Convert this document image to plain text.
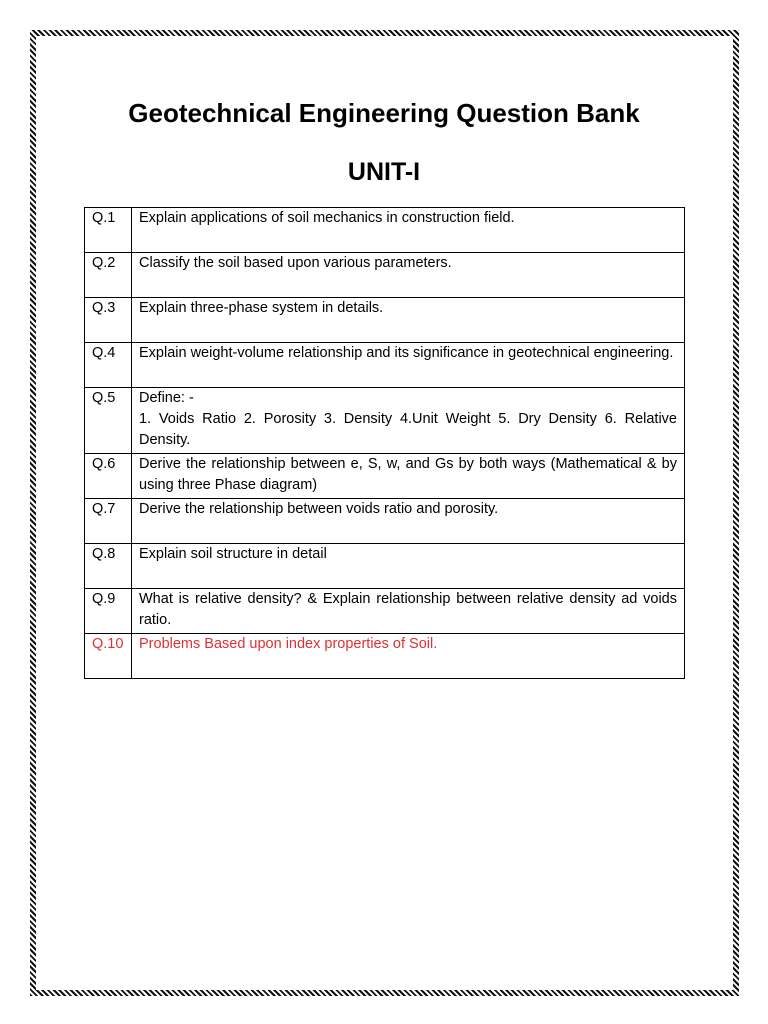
Geotechnical Engineering Question Bank
UNIT-I
Q.1	Explain applications of soil mechanics in construction field.
Q.2	Classify the soil based upon various parameters.
Q.3	Explain three-phase system in details.
Q.4	Explain weight-volume relationship and its significance in geotechnical engineering.
Q.5	Define: -
1. Voids Ratio 2. Porosity 3. Density 4.Unit Weight 5. Dry Density 6. Relative Density.

Q.6	Derive the relationship between e, S, w, and Gs by both ways (Mathematical & by using three Phase diagram)
Q.7	Derive the relationship between voids ratio and porosity.
Q.8	Explain soil structure in detail
Q.9	What is relative density? & Explain relationship between relative density ad voids ratio.
Q.10	Problems Based upon index properties of Soil.
